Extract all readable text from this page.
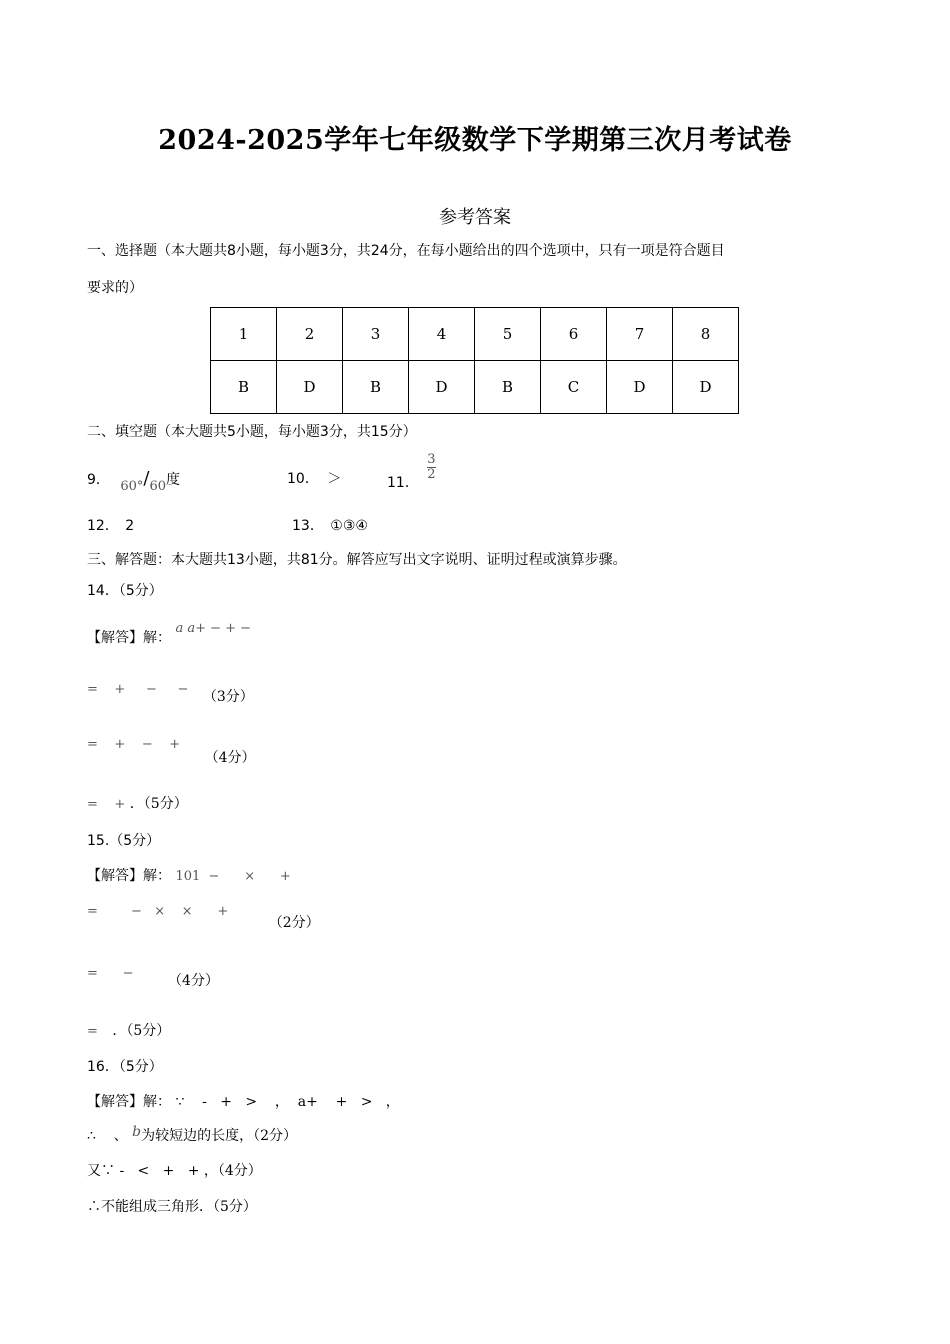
2024-2025学年七年级数学下学期第三次月考试卷
参考答案
一、选择题（本大题共8小题，每小题3分，共24分，在每小题给出的四个选项中，只有一项是符合题目
要求的）
1	2	3	4	5	6	7	8
B	D	B	D	B	C	D	D
二、填空题（本大题共5小题，每小题3分，共15分）
9． 60°/60度	10． ＞	11． $\frac{3}{2}$
12． 2	13． ①③④
三、解答题：本大题共13小题，共81分。解答应写出文字说明、证明过程或演算步骤。
14．（5分）
【解答】解： a a+ − + −
=    +     −     − （3分）
=    +    −    + （4分）
=    + ．（5分）
15.（5分）
【解答】解： 101  −      ×      +
=        −   ×    ×      + （2分）
=      − （4分）
= ．（5分）
16．（5分）
【解答】解： ∵    -   +   >    ，  a+    +   >   ，
∴    、 b为较短边的长度，（2分）
又∵ -   <   +   + ，（4分）
∴不能组成三角形．（5分）
